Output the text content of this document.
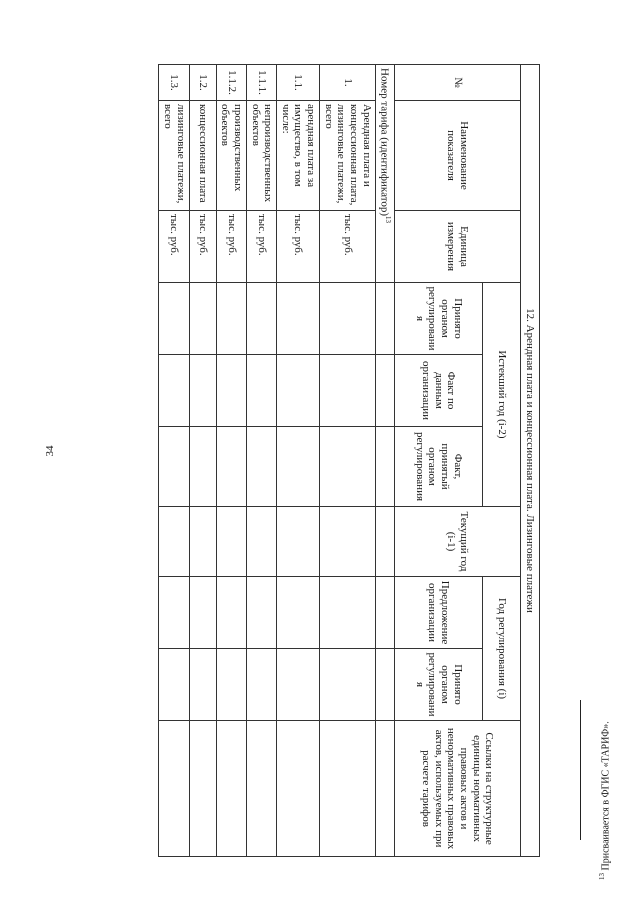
34	12. Арендная плата и концессионная плата. Лизинговые платежи									
№	Наименование показателя	Единица измерения	Истекший год (i-2)			Текущий год (i-1)	Год регулирования (i)		Ссылки на структурные единицы нормативных правовых актов и ненормативных правовых актов, используемых при расчете тарифов
			Принято органом регулирования	Факт по данным организации	Факт, принятый органом регулирования		Предложение организации	Принято органом регулирования	
Номер тарифа (идентификатор)$^{13}$							
1.	Арендная плата и концессионная плата, лизинговые платежи, всего	тыс. руб.							
1.1.	арендная плата за имущество, в том числе:	тыс. руб.							
1.1.1.	непроизводственных объектов	тыс. руб.							
1.1.2.	производственных объектов	тыс. руб.							
1.2.	концессионная плата	тыс. руб.							
1.3.	лизинговые платежи, всего	тыс. руб.							
$^{13}$ Присваивается в ФГИС «ТАРИФ».
